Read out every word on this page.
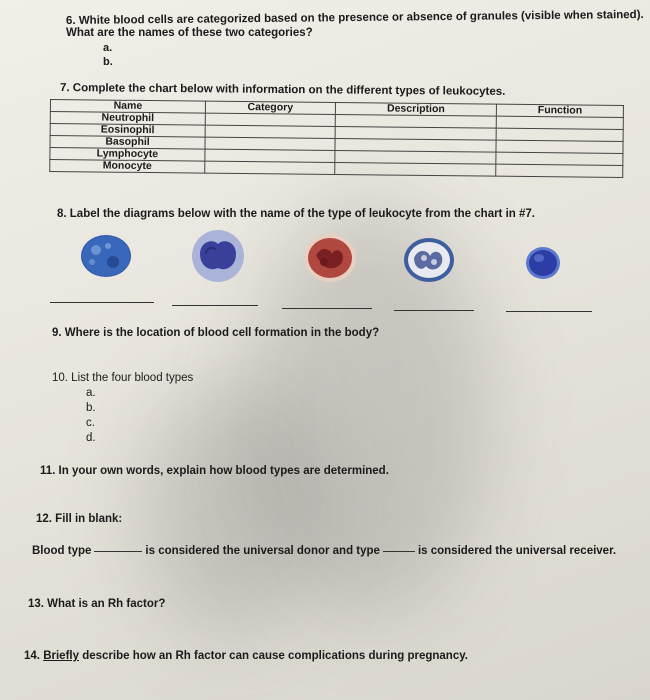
6. White blood cells are categorized based on the presence or absence of granules (visible when stained).
What are the names of these two categories?
a.
b.
7. Complete the chart below with information on the different types of leukocytes.
Name	Category	Description	Function
Neutrophil			
Eosinophil			
Basophil			
Lymphocyte			
Monocyte			
8. Label the diagrams below with the name of the type of leukocyte from the chart in #7.
9. Where is the location of blood cell formation in the body?
10. List the four blood types
a.
b.
c.
d.
11. In your own words, explain how blood types are determined.
12. Fill in blank:
Blood type	is considered the universal donor and type	is considered the universal receiver.
13. What is an Rh factor?
14. Briefly describe how an Rh factor can cause complications during pregnancy.
